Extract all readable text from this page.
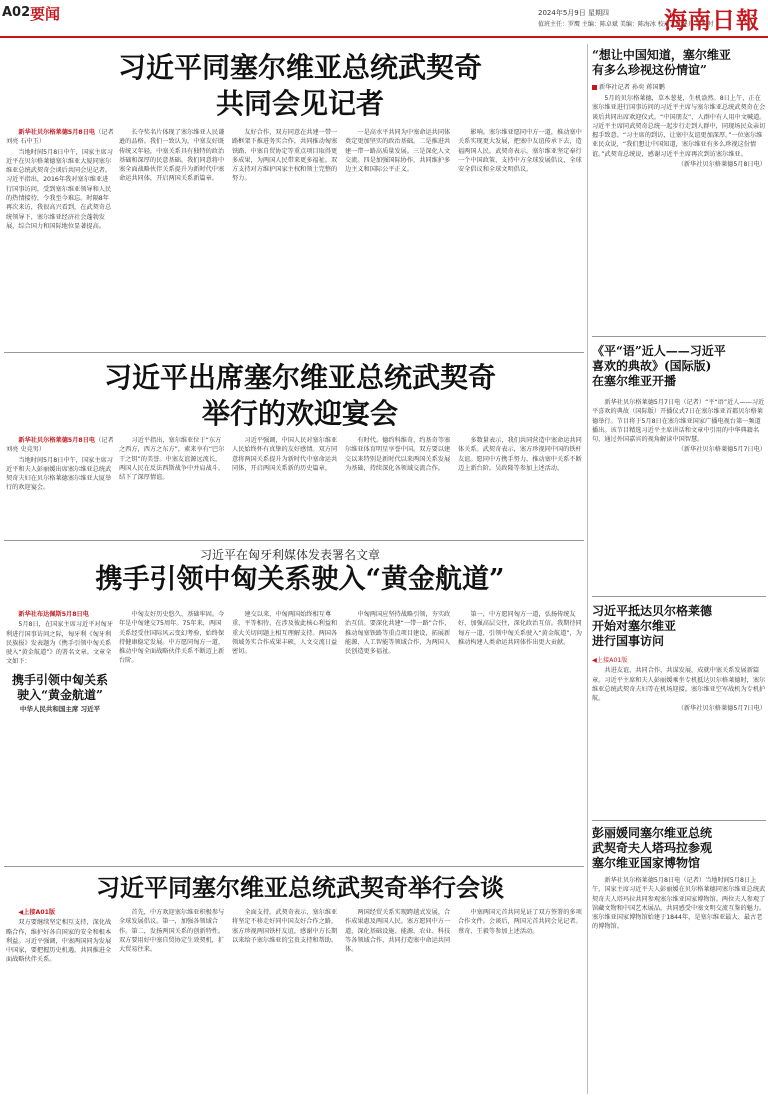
A02 要闻	2024年5月9日 星期四
值班主任：罗鹰 主编：陈卓斌 美编：陈海冰 校对：叶健升 黄均时
海南日報
习近平同塞尔维亚总统武契奇
共同会见记者

新华社贝尔格莱德5月8日电（记者刘亮 石中玉）

当地时间5月8日中午，国家主席习近平在贝尔格莱德塞尔维亚大厦同塞尔维亚总统武契奇会谈后共同会见记者。习近平指出，2016年我对塞尔维亚进行国事访问，受到塞尔维亚领导和人民的热情接待，令我至今难忘。时隔8年再次来访，我很高兴看到，在武契奇总统领导下，塞尔维亚经济社会蓬勃发展，综合国力和国际地位显著提高。

长夺奖名片体现了塞尔维亚人民谦逊的品格。我们一致认为，中塞友好既传统又年轻，中塞关系具有独特的政治基础和深厚的民意基础。我们同意将中塞全面战略伙伴关系提升为新时代中塞命运共同体，开启两国关系新篇章。

友好合作，双方同意在共建一带一路框架下推进务实合作，共同推动匈塞铁路、中塞自贸协定等重点项目取得更多成果，为两国人民带来更多福祉。双方支持对方维护国家主权和领土完整的努力。

一是高水平共同为中塞命运共同体奠定更加坚实的政治基础。二是推进共建一带一路高质量发展。三是深化人文交流。四是加强国际协作，共同维护多边主义和国际公平正义。

影响。塞尔维亚愿同中方一道，推动塞中关系实现更大发展，把塞中友谊传承下去，造福两国人民。武契奇表示，塞尔维亚坚定奉行一个中国政策，支持中方全球发展倡议、全球安全倡议和全球文明倡议。

习近平出席塞尔维亚总统武契奇
举行的欢迎宴会

新华社贝尔格莱德5月8日电（记者刘亮 史竞男）

当地时间5月8日中午，国家主席习近平和夫人彭丽媛出席塞尔维亚总统武契奇夫妇在贝尔格莱德塞尔维亚大厦举行的欢迎宴会。

习近平指出，塞尔维亚位于“东方之西方，西方之东方”，素来享有“巴尔干之钥”的美誉。中塞友谊源远流长，两国人民在反法西斯战争中并肩战斗，结下了深厚情谊。

习近平强调，中国人民对塞尔维亚人民始终怀有真挚的友好感情。双方同意将两国关系提升为新时代中塞命运共同体，开启两国关系新的历史篇章。

有时代。德约科维奇、约基奇等塞尔维亚体育明星享誉中国。双方要以建交以来特别是新时代以来两国关系发展为基础，持续深化各领域交流合作。

多数量表示，我们共同营造中塞命运共同体关系。武契奇表示，塞方珍视同中国的铁杆友谊。愿同中方携手努力，推动塞中关系不断迈上新台阶。吴政隆等参加上述活动。

习近平在匈牙利媒体发表署名文章
携手引领中匈关系驶入“黄金航道”

新华社布达佩斯5月8日电

5月8日，在国家主席习近平对匈牙利进行国事访问之际，匈牙利《匈牙利民族报》发表题为《携手引领中匈关系驶入“黄金航道”》的署名文章。文章全文如下：

携手引领中匈关系
驶入“黄金航道”
中华人民共和国主席 习近平

中匈友好历史悠久、基础牢固。今年是中匈建交75周年。75年来，两国关系经受住国际风云变幻考验，始终保持健康稳定发展。中方愿同匈方一道，推动中匈全面战略伙伴关系不断迈上新台阶。

建交以来，中匈两国始终相互尊重、平等相待，在涉及彼此核心利益和重大关切问题上相互理解支持。两国各领域务实合作成果丰硕，人文交流日益密切。

中匈两国应坚持战略引领，夯实政治互信。要深化共建“一带一路”合作，推动匈塞铁路等重点项目建设，拓展新能源、人工智能等领域合作，为两国人民创造更多福祉。

第一，中方愿同匈方一道，弘扬传统友好，加强高层交往，深化政治互信。我期待同匈方一道，引领中匈关系驶入“黄金航道”，为推动构建人类命运共同体作出更大贡献。

习近平同塞尔维亚总统武契奇举行会谈

◀上接A01版

双方要继续坚定相互支持，深化战略合作，维护好各自国家的安全和根本利益。习近平强调，中塞两国同为发展中国家，要把握历史机遇，共同推进全面战略伙伴关系。

首先，中方欢迎塞尔维亚积极参与全球发展倡议。第一，加强各领域合作。第二，发扬两国关系的创新特性。双方要用好中塞自贸协定生效契机，扩大贸易往来。

全面支持。武契奇表示，塞尔维亚将坚定不移走好同中国友好合作之路，塞方珍视两国铁杆友谊，感谢中方长期以来给予塞尔维亚的宝贵支持和帮助。

两国经贸关系实现跨越式发展，合作成果惠及两国人民。塞方愿同中方一道，深化基础设施、能源、农业、科技等各领域合作，共同打造塞中命运共同体。

中塞两国元首共同见证了双方签署的多项合作文件。会谈后，两国元首共同会见记者。蔡奇、王毅等参加上述活动。

“想让中国知道，塞尔维亚
有多么珍视这份情谊”
新华社记者 孙奕 蒋国鹏

5月的贝尔格莱德，草木葱茏，生机盎然。8日上午，正在塞尔维亚进行国事访问的习近平主席与塞尔维亚总统武契奇在会谈后共同出席欢迎仪式。“中国朋友”，人群中有人用中文喊道。习近平主席同武契奇总统一起步行走到人群中，同现场民众亲切握手致意。“习主席的到访，让塞中友谊更加深厚。”一位塞尔维亚民众说，“我们想让中国知道，塞尔维亚有多么珍视这份情谊。”武契奇总统说，感谢习近平主席再次到访塞尔维亚。

（新华社贝尔格莱德5月8日电）

《平“语”近人——习近平
喜欢的典故》(国际版)
在塞尔维亚开播

新华社贝尔格莱德5月7日电（记者）“平“语”近人——习近平喜欢的典故（国际版）开播仪式7日在塞尔维亚首都贝尔格莱德举行。节目将于5月8日在塞尔维亚国家广播电视台第一频道播出。该节目精选习近平主席讲话和文章中引用的中华典籍名句，通过外国嘉宾的视角解读中国智慧。

（新华社贝尔格莱德5月7日电）

习近平抵达贝尔格莱德
开始对塞尔维亚
进行国事访问

◀上接A01版

共进友谊，共同合作，共谋发展，成就中塞关系发展新篇章。习近平主席和夫人彭丽媛乘坐专机抵达贝尔格莱德时，塞尔维亚总统武契奇夫妇等在机场迎接。塞尔维亚空军战机为专机护航。

（新华社贝尔格莱德5月7日电）

彭丽媛同塞尔维亚总统
武契奇夫人塔玛拉参观
塞尔维亚国家博物馆

新华社贝尔格莱德5月8日电（记者）当地时间5月8日上午，国家主席习近平夫人彭丽媛在贝尔格莱德同塞尔维亚总统武契奇夫人塔玛拉共同参观塞尔维亚国家博物馆。两位夫人参观了馆藏文物和中国艺术展品，共同感受中塞文明交流互鉴的魅力。塞尔维亚国家博物馆始建于1844年，是塞尔维亚最大、最古老的博物馆。
